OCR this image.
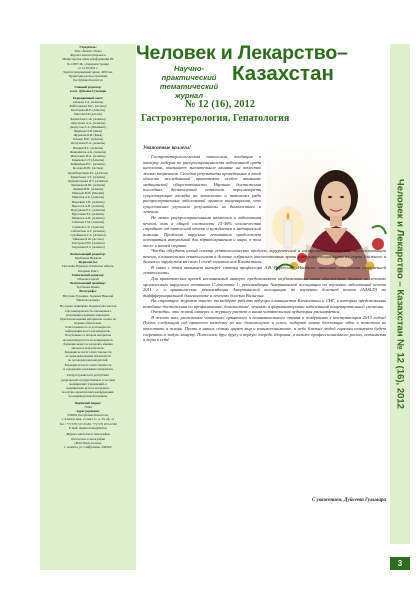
Учредитель:
ТОО «Masters Trade»
Журнал зарегистрирован в
Министерстве связи и информации РК
№ 12057-Ж, о перерегистрации
от 14.10.2011 г.
Зарегистрированный тираж: 4000 экз.
Территория распространения:
Республика Казахстан
Главный редактор:
к.м.н. Дуйсеева Гульмира
Редакционный совет:
Аканова Т.А. (Алматы)
Байбосынова М.С. (Астана)
Белоброва Ж.Е. (Алматы)
Бипсева Р.Р. (Астана)
Бермагбаев С.Ф. (Алматы)
Джуганова А.А. (Алматы)
Джунусова Г.А. (Шымкент)
Жаринов О.Н. (Киев)
Журавлев Б.Н. (Киев)
Зельвер М.Е. (Алматы)
Изатуллаев Е.А. (Алматы)
Искаков Б.С. (Алматы)
Жанпейисов А.К. (Алматы)
Жанузаков М.А. (Алматы)
Каменова С.У. (Алматы)
Кайшибаев Н.С. (Алматы)
Козлова И.Ю. (Астана)
Кудайбергенова Р.С. (Алматы)
Кумисбаева Э.Т. (Алматы)
Курмангалиева И.У. (Алматы)
Левашова М.Ш. (Алматы)
Локшин В.Н. (Алматы)
Мамедов М.Н. (Москва)
Мамонов А.Б. (Алматы)
Миралиев З.Н. (Алматы)
Нерсесов А.В. (Алматы)
Нургужаев Е.С. (Алматы)
Нуртазина Р.Т. (Алматы)
Пичкалов А.В. (Алматы)
Сабитова Г.М. (Алматы)
Салихова С.Б. (Алматы)
Сейсенбаев А.Т. (Алматы)
Сулейменов Г.А. (Алматы)
Тайкенов Б.Ж. (Астана)
Тохтарова Н.Н. (Алматы)
Тлеужанов Б.Т. (Алматы)
Выпускающий редактор:
Карбыкова Нурзиля
Журналисты:
Ткачченко Надежда, Рахметова Айгуль,
Зитерман Раиса
Технический редактор:
Обнечев Сергей
Выпускающий дизайнер:
Трубанова Ирина
Фотографы:
Юсупова Гульмира, Ходжаев Николай
Ишанова Альима
Все права защищены. Перепечатка текстов
и фотоматериалов без письменного
разрешения редакции запрещена.
При использовании материалов ссылка на
издание обязательна.
Ответственность за достоверность
информации несет рекламодатель.
Полученные от авторов материалы
не рецензируются и не возвращаются.
Редакция может не разделять мнения
авторов и консультантов.
Редакция не несет ответственности
за сроки выполнения обязательств
по договорам рекламодателей.
Редакция не несет ответственности
за содержание рекламных материалов.
Распространяется в республике
среди врачей государственных и частных
медицинских учреждений, в
медицинских вузах и колледжах,
на научно-практических конференциях,
по индивидуальной подписке
Подписной индекс:
75026
Адрес редакции:
050059, Республика Казахстан,
г. Алматы, мкр. «Самал-1», д. 23, оф. 11
Тел.: +7 (727) 317-23-66, +7 (727) 263-22-66
E-mail: masters.trade@mail.ru
Журнал напечатан в типографии
Отпечатано в типографии
«Print House Gerona»
г. Алматы, ул. Сейфуллина, 458/460
Человек и Лекарство–
Научно-практический тематический журнал
Казахстан
№ 12 (16), 2012
Гастроэнтерология. Гепатология
Уважаемые коллеги!

Гастроэнтерологическая патология, входящая в пятерку лидеров по распространенности заболеваний среди населения, оказывает значительное влияние на качество жизни пациентов. Сегодня результаты проведенных в этой области исследований привлекают особое внимание медицинской общественности. Научные достижения последних десятилетий позволили пересмотреть существующие взгляды на этиологию и патогенез ряда распространенных заболеваний органов пищеварения, что существенно улучшило результаты их диагностики и лечения.

Не менее распространенными являются и заболевания печени, так в общей сложности 15-30% человечества страдает от патологий печени и нуждается в медицинской помощи. Проблема вирусных гепатитов продолжает оставаться актуальной для здравоохранения и мира, в том числе и нашей страны.

Чтобы обсудить целый спектр гепатологических проблем, хирургической и гастроэнтерологической, трансплантации печени, клиническими гепатологами в Астане собрались отечественные врачи и ведущие специалисты из стран ближнего и дальнего зарубежья на свою I съезд гепатологов Казахстана.

В связи с этим вызывает интерес статья профессора А.В. Нерсесова «Наиболее значимые обновления современной гепатологии».

Для практических врачей несомненный интерес представляют опубликованные нами обновленные данные по лечению хронического вирусного гепатита С генотипа 1: рекомендации Американской ассоциации по изучению заболеваний печени 2011 г. и практические рекомендации Американской ассоциации по изучению болезней печени (AASLD) по диффференциальной диагностике и лечению болезни Вильсона.

На страницах журнала также вы найдете работы ведущих клиницистов Казахстана и СНГ, в которых представлены новейшие достижения по профилактике, диагностике, лечению и фармакотерапии заболеваний пищеварительной системы.

Очевидно, что живой интерес к журналу растет и наша читательская аудитория расширяется.

Я желаю вам, уважаемые читатели, приятного и познавательного чтения и поздравляю с наступающим 2013 годом! Пусть следующий год принесет каждому из нас благополучие и успех, подарит новые блестящие идеи и поможет их воплотить в жизнь. Пусть в наших семьях царят мир и взаимопонимание, а небо близких людей горячим пламенем будет согревать в любую минуту. Пожелаем друг другу и первую очередь здоровья, а также профессионального роста, оптимизма и веры в себя!

С уважением, Дуйсеева Гульмира
Человек и Лекарство – Казахстан № 12 (16), 2012
3
